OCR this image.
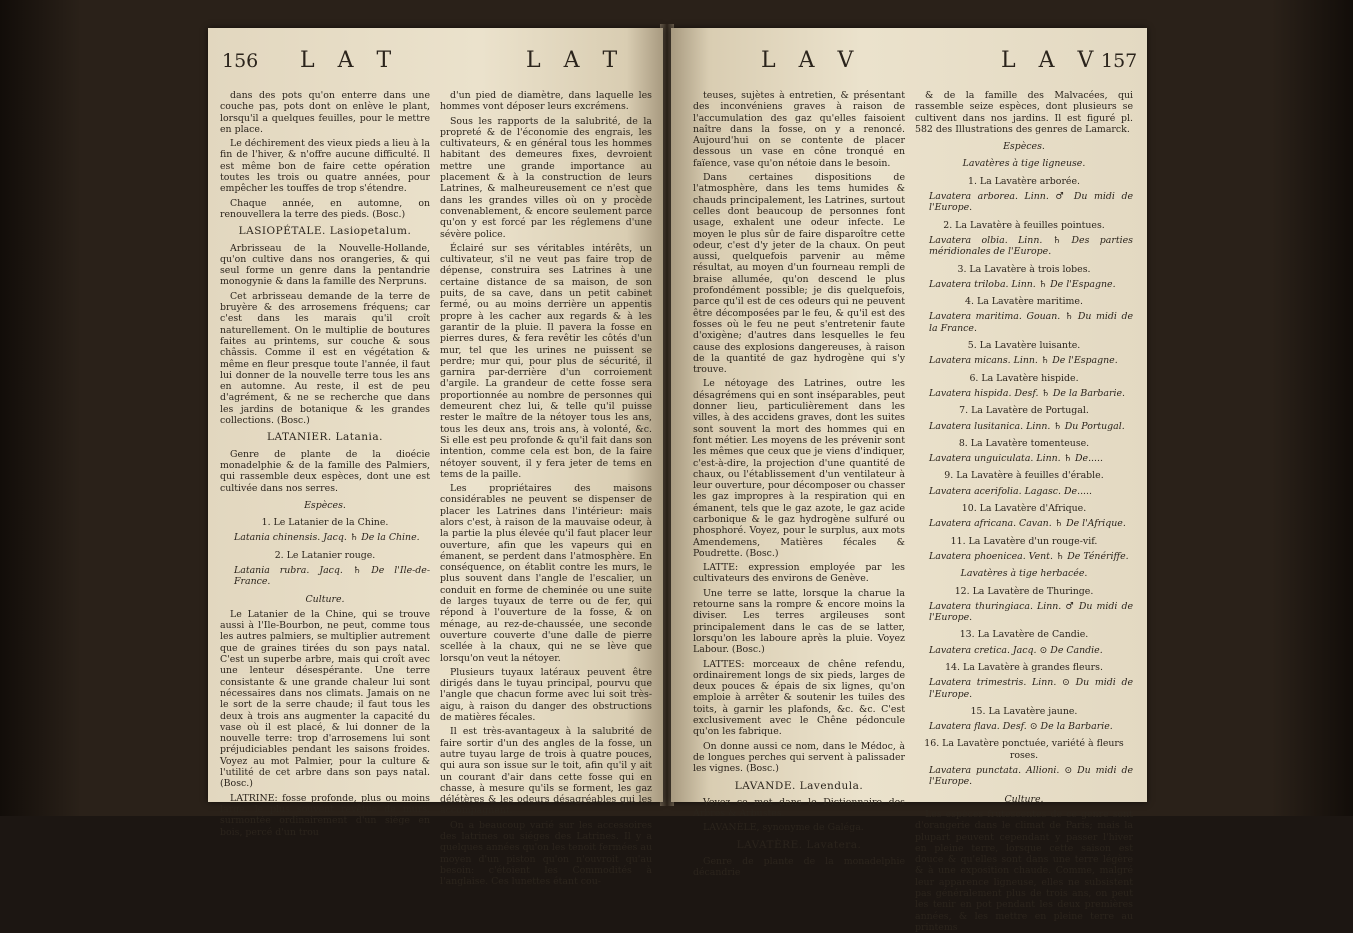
156 L A T	L A T

dans des pots qu'on enterre dans une couche pas, pots dont on enlève le plant, lorsqu'il a quelques feuilles, pour le mettre en place.

Le déchirement des vieux pieds a lieu à la fin de l'hiver, & n'offre aucune difficulté. Il est même bon de faire cette opération toutes les trois ou quatre années, pour empêcher les touffes de trop s'étendre.

Chaque année, en automne, on renouvellera la terre des pieds. (Bosc.)

LASIOPÉTALE. Lasiopetalum.

Arbrisseau de la Nouvelle-Hollande, qu'on cultive dans nos orangeries, & qui seul forme un genre dans la pentandrie monogynie & dans la famille des Nerpruns.

Cet arbrisseau demande de la terre de bruyère & des arrosemens fréquens; car c'est dans les marais qu'il croît naturellement. On le multiplie de boutures faites au printems, sur couche & sous châssis. Comme il est en végétation & même en fleur presque toute l'année, il faut lui donner de la nouvelle terre tous les ans en automne. Au reste, il est de peu d'agrément, & ne se recherche que dans les jardins de botanique & les grandes collections. (Bosc.)

LATANIER. Latania.

Genre de plante de la dioécie monadelphie & de la famille des Palmiers, qui rassemble deux espèces, dont une est cultivée dans nos serres.

Espèces.

1. Le Latanier de la Chine.

Latania chinensis. Jacq. ♄ De la Chine.

2. Le Latanier rouge.

Latania rubra. Jacq. ♄ De l'Ile-de-France.

Culture.

Le Latanier de la Chine, qui se trouve aussi à l'Ile-Bourbon, ne peut, comme tous les autres palmiers, se multiplier autrement que de graines tirées du son pays natal. C'est un superbe arbre, mais qui croît avec une lenteur désespérante. Une terre consistante & une grande chaleur lui sont nécessaires dans nos climats. Jamais on ne le sort de la serre chaude; il faut tous les deux à trois ans augmenter la capacité du vase où il est placé, & lui donner de la nouvelle terre: trop d'arrosemens lui sont préjudiciables pendant les saisons froides. Voyez au mot Palmier, pour la culture & l'utilité de cet arbre dans son pays natal. (Bosc.)

LATRINE: fosse profonde, plus ou moins large, le plus souvent revêtue de murs, surmontée ordinairement d'un siége en bois, percé d'un trou

d'un pied de diamètre, dans laquelle les hommes vont déposer leurs excrémens.

Sous les rapports de la salubrité, de la propreté & de l'économie des engrais, les cultivateurs, & en général tous les hommes habitant des demeures fixes, devroient mettre une grande importance au placement & à la construction de leurs Latrines, & malheureusement ce n'est que dans les grandes villes où on y procède convenablement, & encore seulement parce qu'on y est forcé par les réglemens d'une sévère police.

Éclairé sur ses véritables intérêts, un cultivateur, s'il ne veut pas faire trop de dépense, construira ses Latrines à une certaine distance de sa maison, de son puits, de sa cave, dans un petit cabinet fermé, ou au moins derrière un appentis propre à les cacher aux regards & à les garantir de la pluie. Il pavera la fosse en pierres dures, & fera revêtir les côtés d'un mur, tel que les urines ne puissent se perdre; mur qui, pour plus de sécurité, il garnira par-derrière d'un corroiement d'argile. La grandeur de cette fosse sera proportionnée au nombre de personnes qui demeurent chez lui, & telle qu'il puisse rester le maître de la nétoyer tous les ans, tous les deux ans, trois ans, à volonté, &c. Si elle est peu profonde & qu'il fait dans son intention, comme cela est bon, de la faire nétoyer souvent, il y fera jeter de tems en tems de la paille.

Les propriétaires des maisons considérables ne peuvent se dispenser de placer les Latrines dans l'intérieur: mais alors c'est, à raison de la mauvaise odeur, à la partie la plus élevée qu'il faut placer leur ouverture, afin que les vapeurs qui en émanent, se perdent dans l'atmosphère. En conséquence, on établit contre les murs, le plus souvent dans l'angle de l'escalier, un conduit en forme de cheminée ou une suite de larges tuyaux de terre ou de fer, qui répond à l'ouverture de la fosse, & on ménage, au rez-de-chaussée, une seconde ouverture couverte d'une dalle de pierre scellée à la chaux, qui ne se lève que lorsqu'on veut la nétoyer.

Plusieurs tuyaux latéraux peuvent être dirigés dans le tuyau principal, pourvu que l'angle que chacun forme avec lui soit très-aigu, à raison du danger des obstructions de matières fécales.

Il est très-avantageux à la salubrité de faire sortir d'un des angles de la fosse, un autre tuyau large de trois à quatre pouces, qui aura son issue sur le toit, afin qu'il y ait un courant d'air dans cette fosse qui en chasse, à mesure qu'ils se forment, les gaz délétères & les odeurs désagréables qui les accompagnent.

On a beaucoup varié sur les accessoires des latrines ou siéges des Latrines. Il y a quelques années qu'on les tenoit fermées au moyen d'un piston qu'on n'ouvroit qu'au besoin: c'étoient les Commodités à l'anglaise. Ces lunettes étant cou-

L A V	L A V 157

teuses, sujètes à entretien, & présentant des inconvéniens graves à raison de l'accumulation des gaz qu'elles faisoient naître dans la fosse, on y a renoncé. Aujourd'hui on se contente de placer dessous un vase en cône tronqué en faïence, vase qu'on nétoie dans le besoin.

Dans certaines dispositions de l'atmosphère, dans les tems humides & chauds principalement, les Latrines, surtout celles dont beaucoup de personnes font usage, exhalent une odeur infecte. Le moyen le plus sûr de faire disparoître cette odeur, c'est d'y jeter de la chaux. On peut aussi, quelquefois parvenir au même résultat, au moyen d'un fourneau rempli de braise allumée, qu'on descend le plus profondément possible; je dis quelquefois, parce qu'il est de ces odeurs qui ne peuvent être décomposées par le feu, & qu'il est des fosses où le feu ne peut s'entretenir faute d'oxigène; d'autres dans lesquelles le feu cause des explosions dangereuses, à raison de la quantité de gaz hydrogène qui s'y trouve.

Le nétoyage des Latrines, outre les désagrémens qui en sont inséparables, peut donner lieu, particulièrement dans les villes, à des accidens graves, dont les suites sont souvent la mort des hommes qui en font métier. Les moyens de les prévenir sont les mêmes que ceux que je viens d'indiquer, c'est-à-dire, la projection d'une quantité de chaux, ou l'établissement d'un ventilateur à leur ouverture, pour décomposer ou chasser les gaz impropres à la respiration qui en émanent, tels que le gaz azote, le gaz acide carbonique & le gaz hydrogène sulfuré ou phosphoré. Voyez, pour le surplus, aux mots Amendemens, Matières fécales & Poudrette. (Bosc.)

LATTE: expression employée par les cultivateurs des environs de Genève.

Une terre se latte, lorsque la charue la retourne sans la rompre & encore moins la diviser. Les terres argileuses sont principalement dans le cas de se latter, lorsqu'on les laboure après la pluie. Voyez Labour. (Bosc.)

LATTES: morceaux de chêne refendu, ordinairement longs de six pieds, larges de deux pouces & épais de six lignes, qu'on emploie à arrêter & soutenir les tuiles des toits, à garnir les plafonds, &c. &c. C'est exclusivement avec le Chêne pédoncule qu'on les fabrique.

On donne aussi ce nom, dans le Médoc, à de longues perches qui servent à palissader les vignes. (Bosc.)

LAVANDE. Lavendula.

Voyez ce mot dans le Dictionnaire des Arbres & Arbustes.

LAVANÈLE, synonyme de Galéga.

LAVATÈRE. Lavatera.

Genre de plante de la monadelphie décandrie

& de la famille des Malvacées, qui rassemble seize espèces, dont plusieurs se cultivent dans nos jardins. Il est figuré pl. 582 des Illustrations des genres de Lamarck.

Espèces.

Lavatères à tige ligneuse.

1. La Lavatère arborée.

Lavatera arborea. Linn. ♂ Du midi de l'Europe.

2. La Lavatère à feuilles pointues.

Lavatera olbia. Linn. ♄ Des parties méridionales de l'Europe.

3. La Lavatère à trois lobes.

Lavatera triloba. Linn. ♄ De l'Espagne.

4. La Lavatère maritime.

Lavatera maritima. Gouan. ♄ Du midi de la France.

5. La Lavatère luisante.

Lavatera micans. Linn. ♄ De l'Espagne.

6. La Lavatère hispide.

Lavatera hispida. Desf. ♄ De la Barbarie.

7. La Lavatère de Portugal.

Lavatera lusitanica. Linn. ♄ Du Portugal.

8. La Lavatère tomenteuse.

Lavatera unguiculata. Linn. ♄ De.....

9. La Lavatère à feuilles d'érable.

Lavatera acerifolia. Lagasc. De.....

10. La Lavatère d'Afrique.

Lavatera africana. Cavan. ♄ De l'Afrique.

11. La Lavatère d'un rouge-vif.

Lavatera phoenicea. Vent. ♄ De Ténériffe.

Lavatères à tige herbacée.

12. La Lavatère de Thuringe.

Lavatera thuringiaca. Linn. ♂ Du midi de l'Europe.

13. La Lavatère de Candie.

Lavatera cretica. Jacq. ⊙ De Candie.

14. La Lavatère à grandes fleurs.

Lavatera trimestris. Linn. ⊙ Du midi de l'Europe.

15. La Lavatère jaune.

Lavatera flava. Desf. ⊙ De la Barbarie.

16. La Lavatère ponctuée, variété à fleurs roses.

Lavatera punctata. Allioni. ⊙ Du midi de l'Europe.

Culture.

Les espèces frutescentes de ce genre sont d'orangerie dans le climat de Paris; mais la plupart peuvent cependant y passer l'hiver en pleine terre, lorsque cette saison est douce & qu'elles sont dans une terre légère & à une exposition chaude. Comme, malgré leur apparence ligneuse, elles ne subsistent pas généralement plus de trois ans, on peut les tenir en pot pendant les deux premières années, & les mettre en pleine terre au printems
